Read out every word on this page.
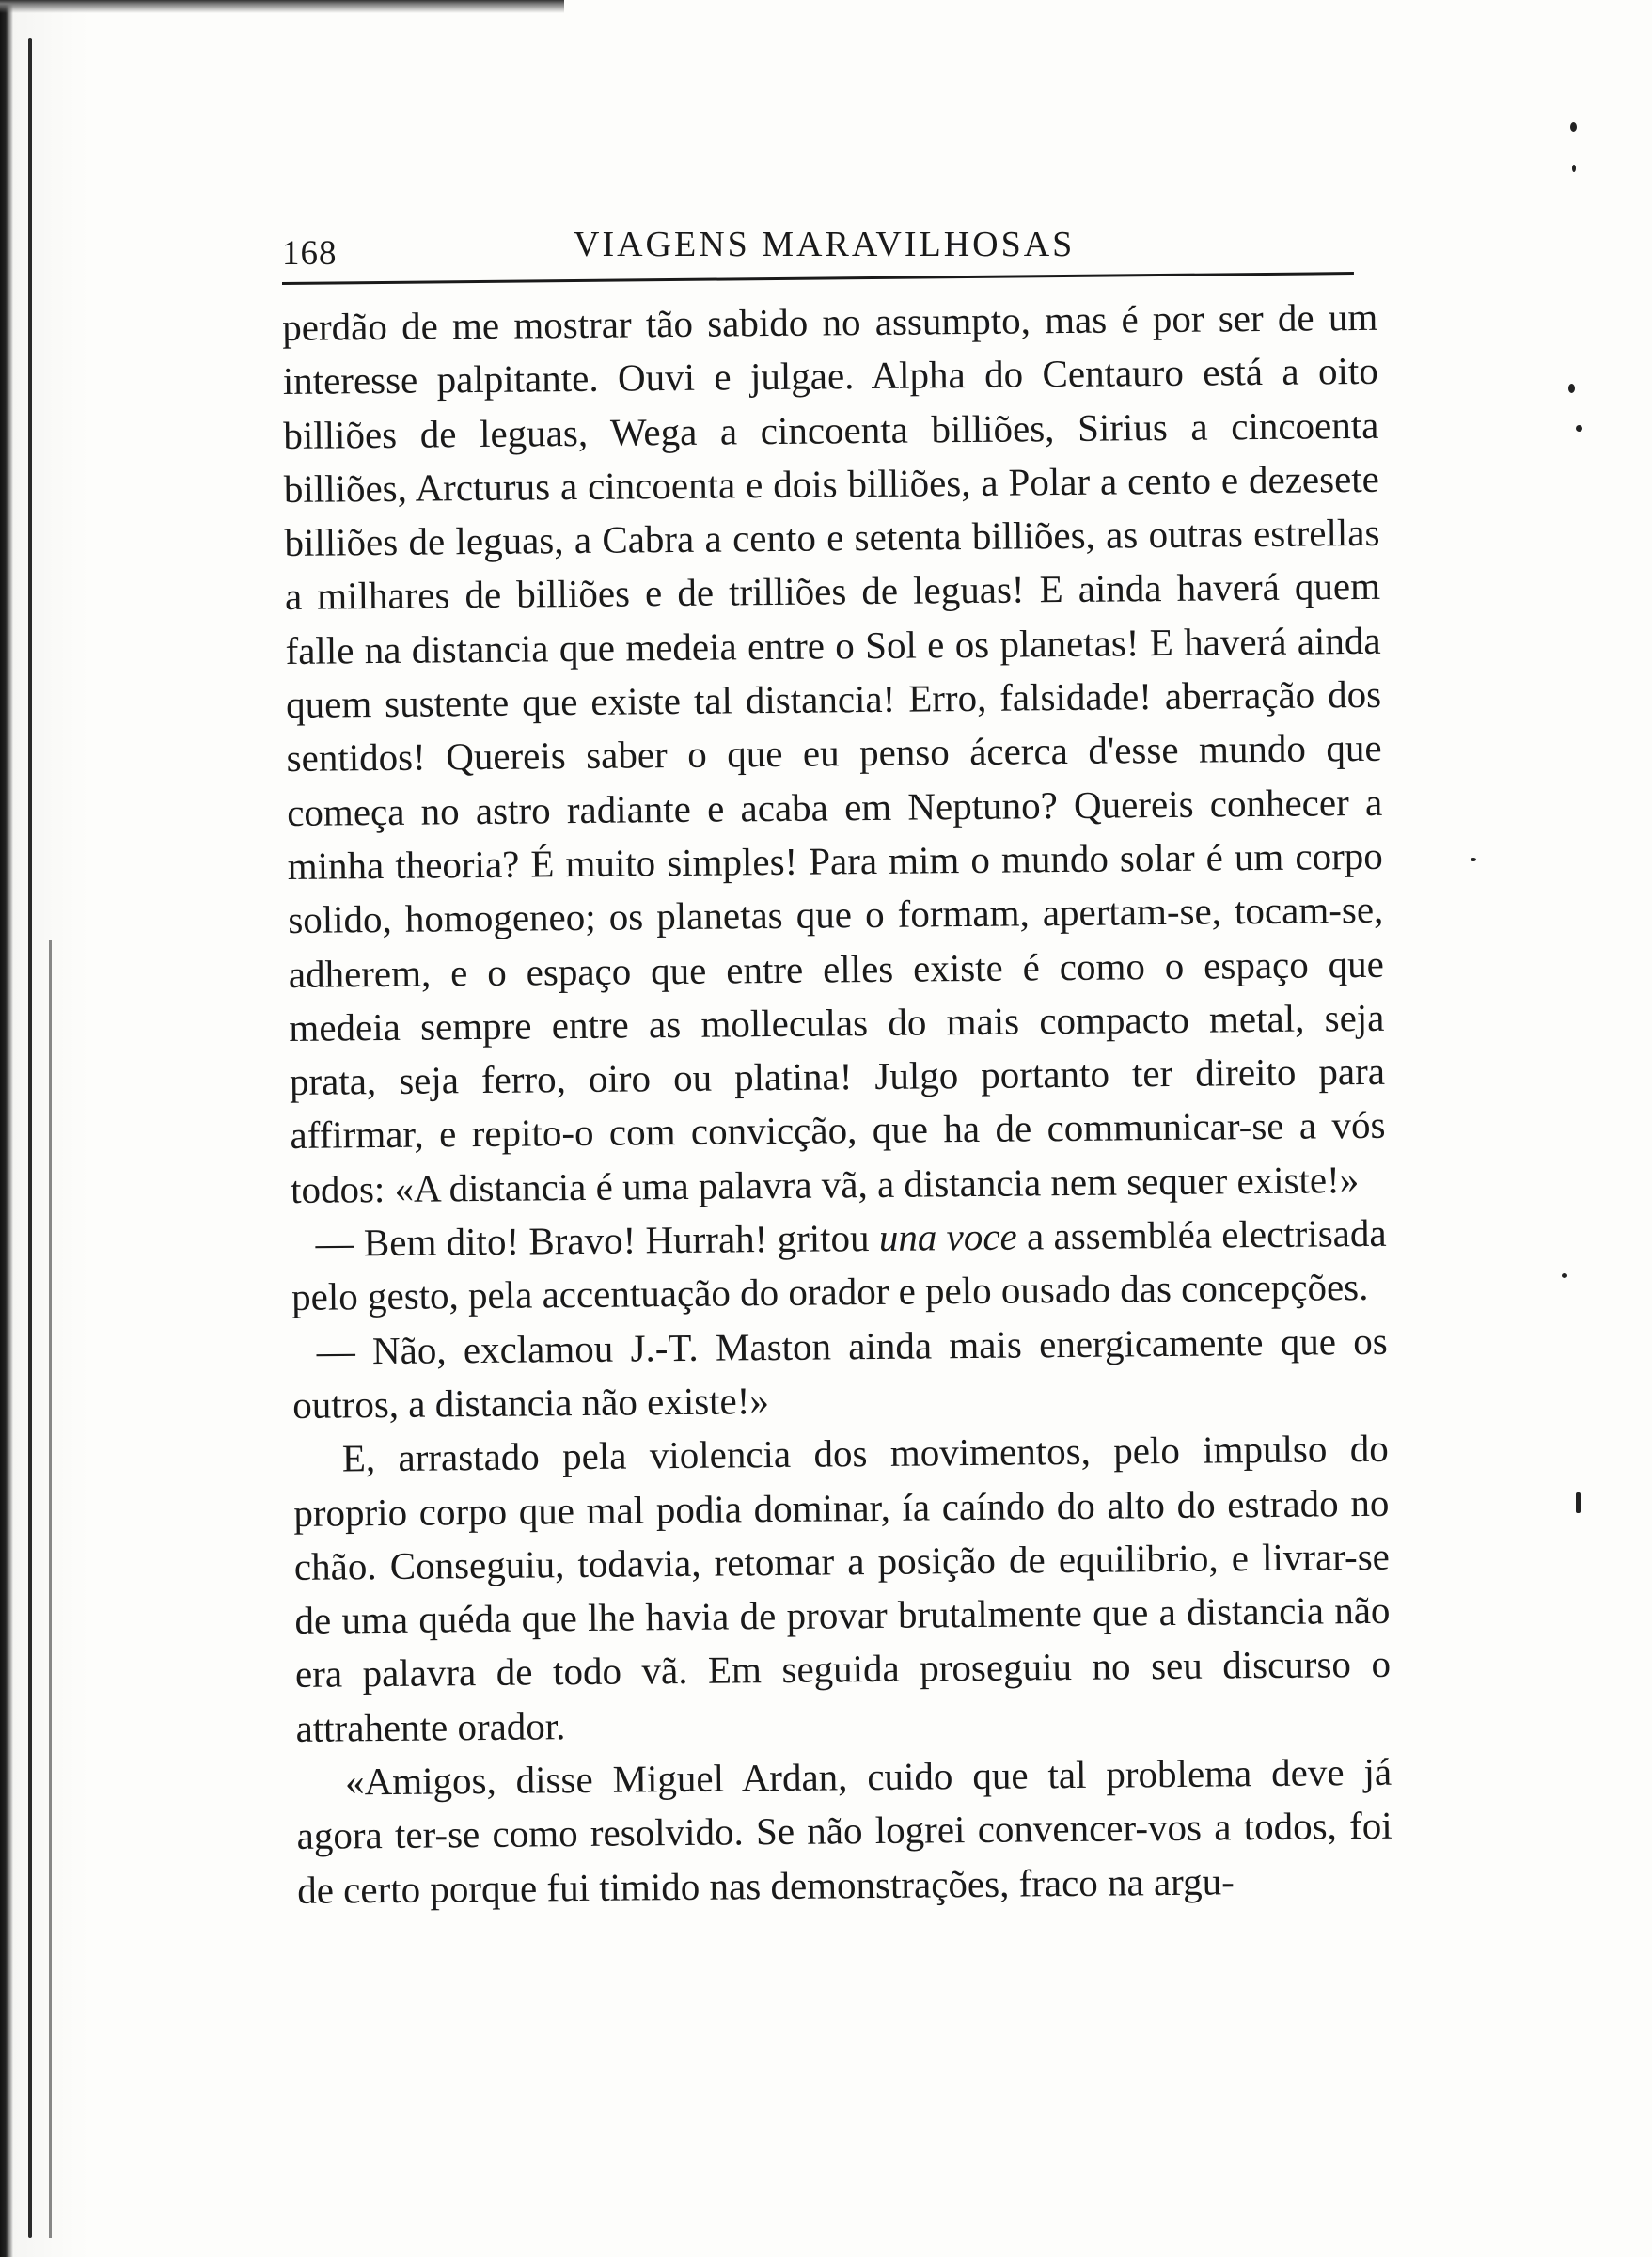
168	VIAGENS MARAVILHOSAS

perdão de me mostrar tão sabido no assumpto, mas é por ser de um interesse palpitante. Ouvi e julgae. Alpha do Centauro está a oito billiões de leguas, Wega a cincoenta billiões, Sirius a cincoenta billiões, Arcturus a cincoenta e dois billiões, a Polar a cento e dezesete billiões de leguas, a Cabra a cento e setenta billiões, as outras estrellas a milhares de billiões e de trilliões de leguas! E ainda haverá quem falle na distancia que medeia entre o Sol e os planetas! E haverá ainda quem sustente que existe tal distancia! Erro, falsidade! aberração dos sentidos! Quereis saber o que eu penso ácerca d'esse mundo que começa no astro radiante e acaba em Neptuno? Quereis conhecer a minha theoria? É muito simples! Para mim o mundo solar é um corpo solido, homogeneo; os planetas que o formam, apertam-se, tocam-se, adherem, e o espaço que entre elles existe é como o espaço que medeia sempre entre as molleculas do mais compacto metal, seja prata, seja ferro, oiro ou platina! Julgo portanto ter direito para affirmar, e repito-o com convicção, que ha de communicar-se a vós todos: «A distancia é uma palavra vã, a distancia nem sequer existe!»

— Bem dito! Bravo! Hurrah! gritou una voce a assembléa electrisada pelo gesto, pela accentuação do orador e pelo ousado das concepções.

— Não, exclamou J.-T. Maston ainda mais energicamente que os outros, a distancia não existe!»

E, arrastado pela violencia dos movimentos, pelo impulso do proprio corpo que mal podia dominar, ía caíndo do alto do estrado no chão. Conseguiu, todavia, retomar a posição de equilibrio, e livrar-se de uma quéda que lhe havia de provar brutalmente que a distancia não era palavra de todo vã. Em seguida proseguiu no seu discurso o attrahente orador.

«Amigos, disse Miguel Ardan, cuido que tal problema deve já agora ter-se como resolvido. Se não logrei convencer-vos a todos, foi de certo porque fui timido nas demonstrações, fraco na argu-
